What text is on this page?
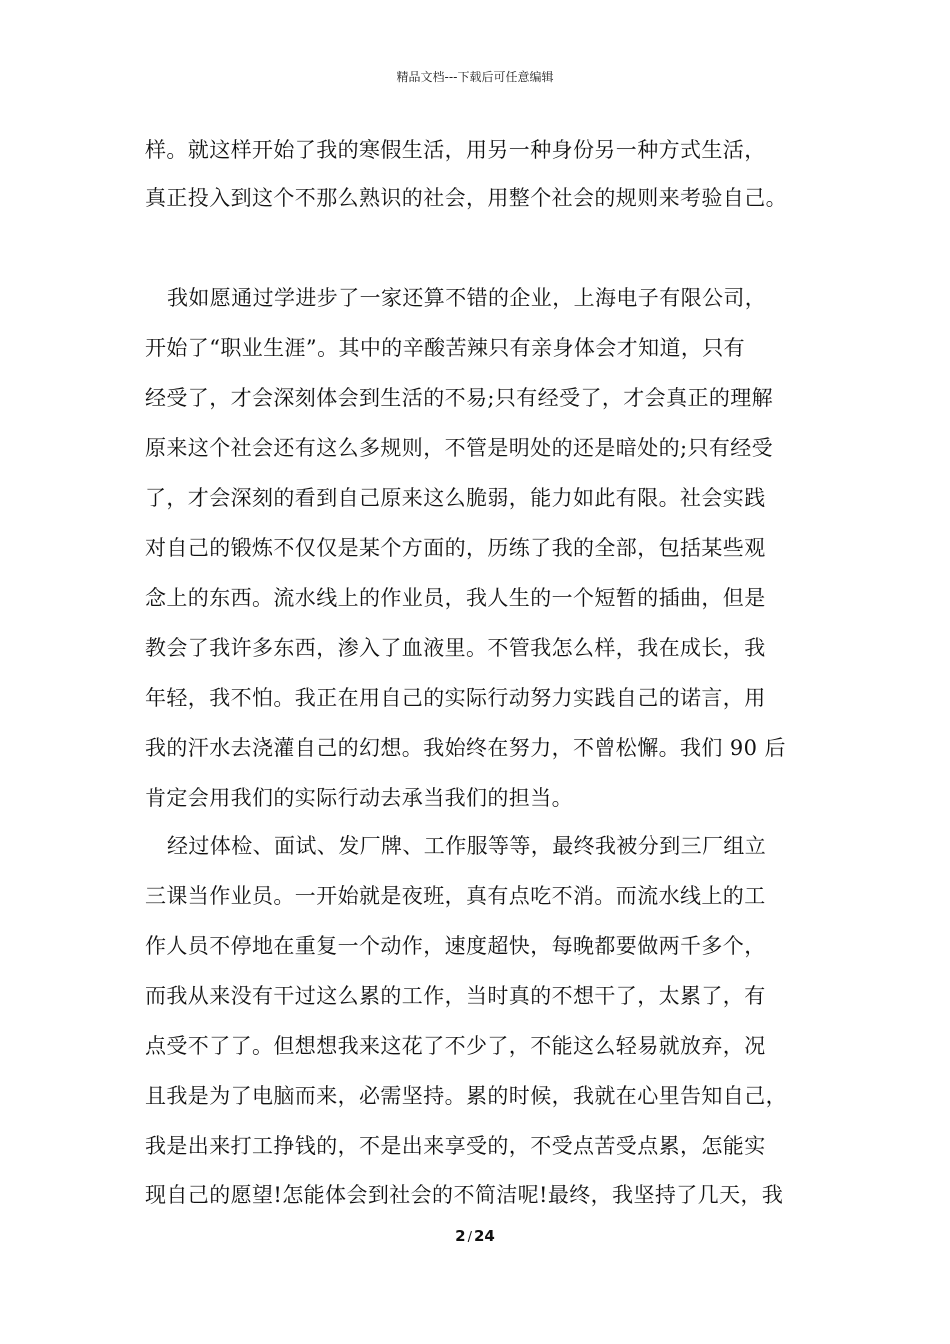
精品文档---下载后可任意编辑
样。就这样开始了我的寒假生活，用另一种身份另一种方式生活，
真正投入到这个不那么熟识的社会，用整个社会的规则来考验自己。
我如愿通过学进步了一家还算不错的企业，上海电子有限公司，
开始了“职业生涯”。其中的辛酸苦辣只有亲身体会才知道，只有
经受了，才会深刻体会到生活的不易;只有经受了，才会真正的理解
原来这个社会还有这么多规则，不管是明处的还是暗处的;只有经受
了，才会深刻的看到自己原来这么脆弱，能力如此有限。社会实践
对自己的锻炼不仅仅是某个方面的，历练了我的全部，包括某些观
念上的东西。流水线上的作业员，我人生的一个短暂的插曲，但是
教会了我许多东西，渗入了血液里。不管我怎么样，我在成长，我
年轻，我不怕。我正在用自己的实际行动努力实践自己的诺言，用
我的汗水去浇灌自己的幻想。我始终在努力，不曾松懈。我们 90 后
肯定会用我们的实际行动去承当我们的担当。
经过体检、面试、发厂牌、工作服等等，最终我被分到三厂组立
三课当作业员。一开始就是夜班，真有点吃不消。而流水线上的工
作人员不停地在重复一个动作，速度超快，每晚都要做两千多个，
而我从来没有干过这么累的工作，当时真的不想干了，太累了，有
点受不了了。但想想我来这花了不少了，不能这么轻易就放弃，况
且我是为了电脑而来，必需坚持。累的时候，我就在心里告知自己，
我是出来打工挣钱的，不是出来享受的，不受点苦受点累，怎能实
现自己的愿望!怎能体会到社会的不简洁呢!最终，我坚持了几天，我
2 / 24
